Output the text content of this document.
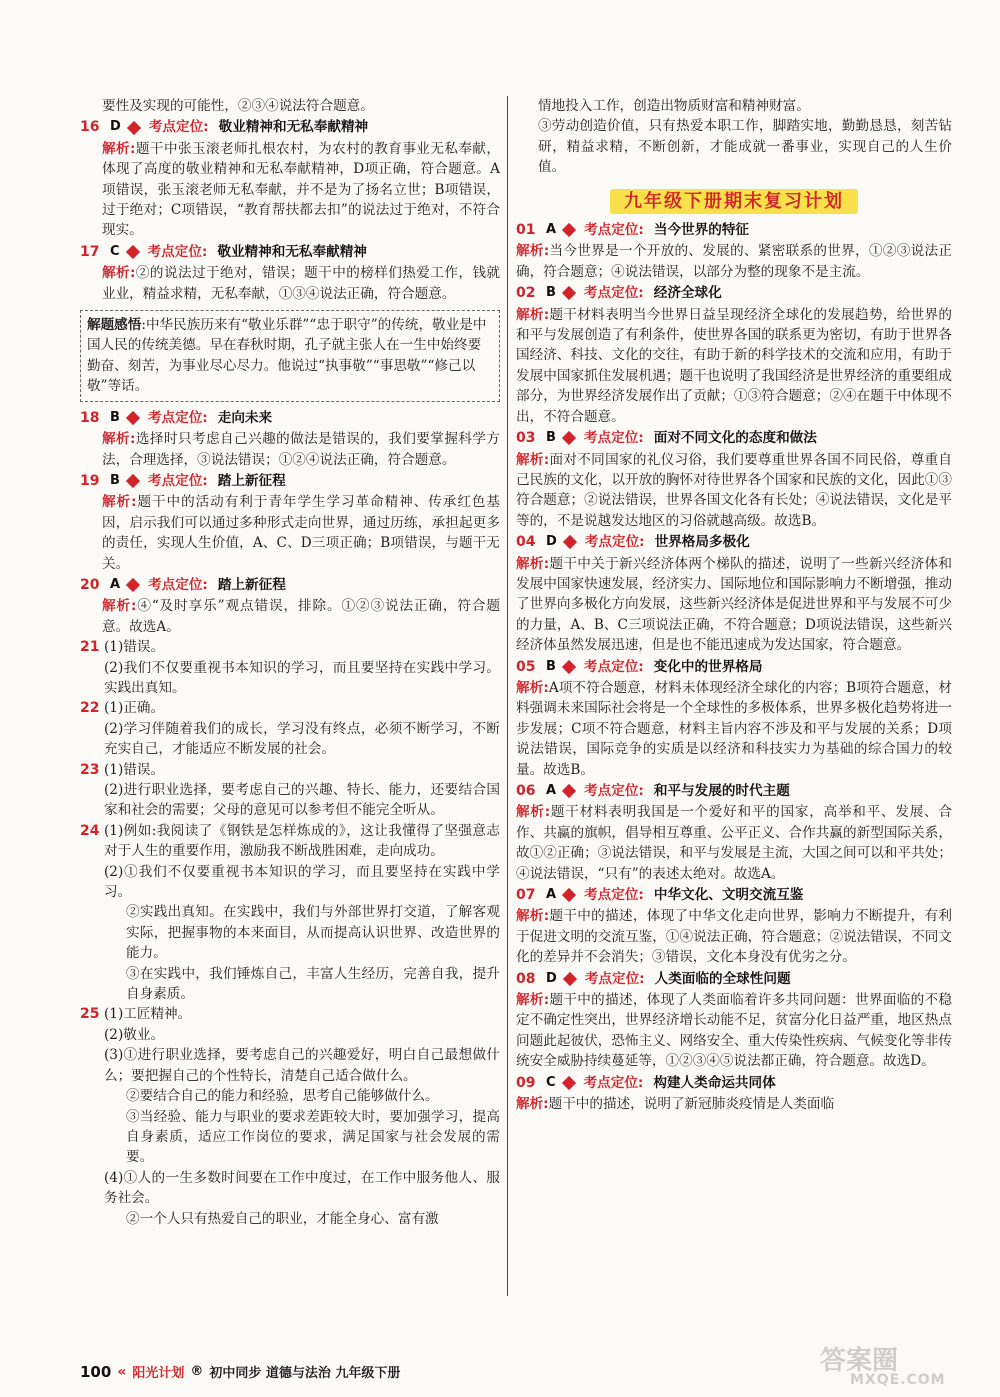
要性及实现的可能性，②③④说法符合题意。

16 D 考点定位: 敬业精神和无私奉献精神

解析:题干中张玉滚老师扎根农村，为农村的教育事业无私奉献，体现了高度的敬业精神和无私奉献精神，D项正确，符合题意。A项错误，张玉滚老师无私奉献，并不是为了扬名立世；B项错误，过于绝对；C项错误，“教育帮扶都去扣”的说法过于绝对，不符合现实。

17 C 考点定位: 敬业精神和无私奉献精神

解析:②的说法过于绝对，错误；题干中的榜样们热爱工作，钱就业业，精益求精，无私奉献，①③④说法正确，符合题意。

解题感悟:中华民族历来有“敬业乐群”“忠于职守”的传统，敬业是中国人民的传统美德。早在春秋时期，孔子就主张人在一生中始终要勤奋、刻苦，为事业尽心尽力。他说过“执事敬”“事思敬”“修己以敬”等话。
18 B 考点定位: 走向未来

解析:选择时只考虑自己兴趣的做法是错误的，我们要掌握科学方法，合理选择，③说法错误；①②④说法正确，符合题意。

19 B 考点定位: 踏上新征程

解析:题干中的活动有利于青年学生学习革命精神、传承红色基因，启示我们可以通过多种形式走向世界，通过历练，承担起更多的责任，实现人生价值，A、C、D三项正确；B项错误，与题干无关。

20 A 考点定位: 踏上新征程

解析:④“及时享乐”观点错误，排除。①②③说法正确，符合题意。故选A。

21 (1)错误。

(2)我们不仅要重视书本知识的学习，而且要坚持在实践中学习。实践出真知。

22 (1)正确。

(2)学习伴随着我们的成长，学习没有终点，必须不断学习，不断充实自己，才能适应不断发展的社会。

23 (1)错误。

(2)进行职业选择，要考虑自己的兴趣、特长、能力，还要结合国家和社会的需要；父母的意见可以参考但不能完全听从。

24 (1)例如:我阅读了《钢铁是怎样炼成的》，这让我懂得了坚强意志对于人生的重要作用，激励我不断战胜困难，走向成功。

(2)①我们不仅要重视书本知识的学习，而且要坚持在实践中学习。

②实践出真知。在实践中，我们与外部世界打交道，了解客观实际，把握事物的本来面目，从而提高认识世界、改造世界的能力。

③在实践中，我们锤炼自己，丰富人生经历，完善自我，提升自身素质。

25 (1)工匠精神。

(2)敬业。

(3)①进行职业选择，要考虑自己的兴趣爱好，明白自己最想做什么；要把握自己的个性特长，清楚自己适合做什么。

②要结合自己的能力和经验，思考自己能够做什么。

③当经验、能力与职业的要求差距较大时，要加强学习，提高自身素质，适应工作岗位的要求，满足国家与社会发展的需要。

(4)①人的一生多数时间要在工作中度过，在工作中服务他人、服务社会。

②一个人只有热爱自己的职业，才能全身心、富有激

情地投入工作，创造出物质财富和精神财富。

③劳动创造价值，只有热爱本职工作，脚踏实地，勤勤恳恳，刻苦钻研，精益求精，不断创新，才能成就一番事业，实现自己的人生价值。

九年级下册期末复习计划
01 A 考点定位: 当今世界的特征

解析:当今世界是一个开放的、发展的、紧密联系的世界，①②③说法正确，符合题意；④说法错误，以部分为整的现象不是主流。

02 B 考点定位: 经济全球化

解析:题干材料表明当今世界日益呈现经济全球化的发展趋势，给世界的和平与发展创造了有利条件，使世界各国的联系更为密切，有助于世界各国经济、科技、文化的交往，有助于新的科学技术的交流和应用，有助于发展中国家抓住发展机遇；题干也说明了我国经济是世界经济的重要组成部分，为世界经济发展作出了贡献；①③符合题意；②④在题干中体现不出，不符合题意。

03 B 考点定位: 面对不同文化的态度和做法

解析:面对不同国家的礼仪习俗，我们要尊重世界各国不同民俗，尊重自己民族的文化，以开放的胸怀对待世界各个国家和民族的文化，因此①③符合题意；②说法错误，世界各国文化各有长处；④说法错误，文化是平等的，不是说越发达地区的习俗就越高级。故选B。

04 D 考点定位: 世界格局多极化

解析:题干中关于新兴经济体两个梯队的描述，说明了一些新兴经济体和发展中国家快速发展，经济实力、国际地位和国际影响力不断增强，推动了世界向多极化方向发展，这些新兴经济体是促进世界和平与发展不可少的力量，A、B、C三项说法正确，不符合题意；D项说法错误，这些新兴经济体虽然发展迅速，但是也不能迅速成为发达国家，符合题意。

05 B 考点定位: 变化中的世界格局

解析:A项不符合题意，材料未体现经济全球化的内容；B项符合题意，材料强调未来国际社会将是一个全球性的多极体系，世界多极化趋势将进一步发展；C项不符合题意，材料主旨内容不涉及和平与发展的关系；D项说法错误，国际竞争的实质是以经济和科技实力为基础的综合国力的较量。故选B。

06 A 考点定位: 和平与发展的时代主题

解析:题干材料表明我国是一个爱好和平的国家，高举和平、发展、合作、共赢的旗帜，倡导相互尊重、公平正义、合作共赢的新型国际关系，故①②正确；③说法错误，和平与发展是主流，大国之间可以和平共处；④说法错误，“只有”的表述太绝对。故选A。

07 A 考点定位: 中华文化、文明交流互鉴

解析:题干中的描述，体现了中华文化走向世界，影响力不断提升，有利于促进文明的交流互鉴，①④说法正确，符合题意；②说法错误，不同文化的差异并不会消失；③错误，文化本身没有优劣之分。

08 D 考点定位: 人类面临的全球性问题

解析:题干中的描述，体现了人类面临着许多共同问题：世界面临的不稳定不确定性突出，世界经济增长动能不足，贫富分化日益严重，地区热点问题此起彼伏，恐怖主义、网络安全、重大传染性疾病、气候变化等非传统安全威胁持续蔓延等，①②③④⑤说法都正确，符合题意。故选D。

09 C 考点定位: 构建人类命运共同体

解析:题干中的描述，说明了新冠肺炎疫情是人类面临

100 « 阳光计划 ® 初中同步 道德与法治 九年级下册	答案圈
MXQE.COM
